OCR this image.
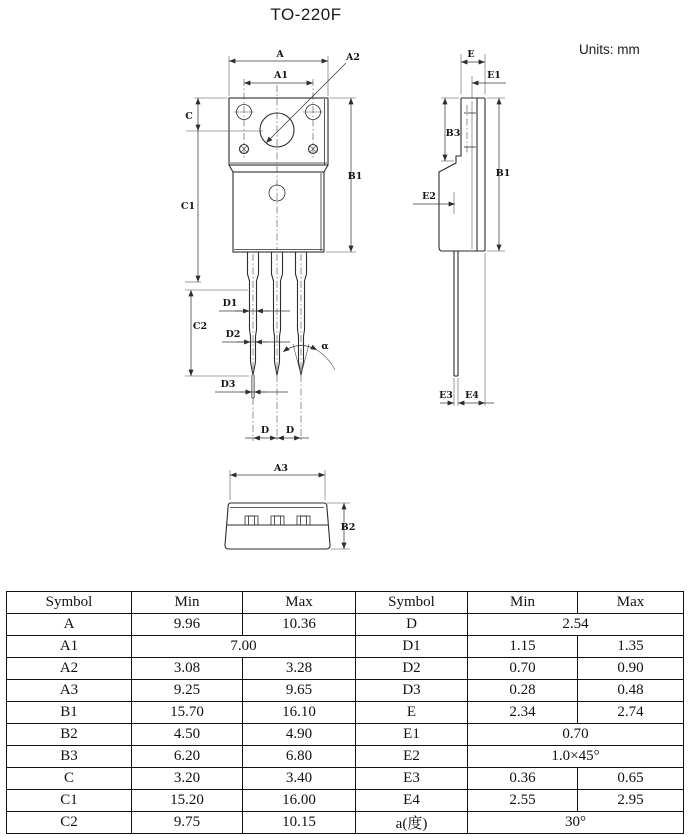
TO-220F
Units: mm
A
A1
A2
C
C1
B1
C2
D1
D2
D3
α
D D
E
E1
B3
B1
E2
E3 E4
A3
B2
Symbol	Min	Max	Symbol	Min	Max
A	9.96	10.36	D	2.54	
A1	7.00		D1	1.15	1.35
A2	3.08	3.28	D2	0.70	0.90
A3	9.25	9.65	D3	0.28	0.48
B1	15.70	16.10	E	2.34	2.74
B2	4.50	4.90	E1	0.70	
B3	6.20	6.80	E2	1.0×45°	
C	3.20	3.40	E3	0.36	0.65
C1	15.20	16.00	E4	2.55	2.95
C2	9.75	10.15	a(度)	30°	
